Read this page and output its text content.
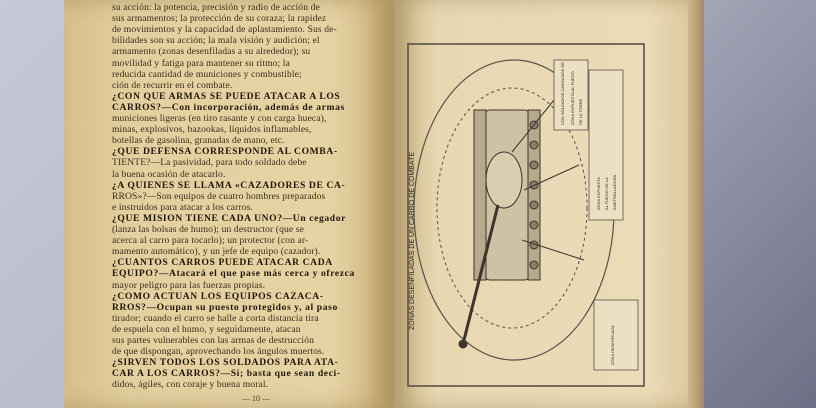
su acción: la potencia, precisión y radio de acción de
sus armamentos; la protección de su coraza; la rapidez
de movimientos y la capacidad de aplastamiento. Sus de-
bilidades son su acción; la mala visión y audición; el
armamento (zonas desenfiladas a su alrededor); su
movilidad y fatiga para mantener su ritmo; la
reducida cantidad de municiones y combustible;
ción de recurrir en el combate.
¿CON QUE ARMAS SE PUEDE ATACAR A LOS
CARROS?—Con incorporación, además de armas
municiones ligeras (en tiro rasante y con carga hueca),
minas, explosivos, bazookas, líquidos inflamables,
botellas de gasolina, granadas de mano, etc.
¿QUE DEFENSA CORRESPONDE AL COMBA-
TIENTE?—La pasividad, para todo soldado debe
la buena ocasión de atacarlo.
¿A QUIENES SE LLAMA «CAZADORES DE CA-
RROS»?—Son equipos de cuatro hombres preparados
e instruidos para atacar a los carros.
¿QUE MISION TIENE CADA UNO?—Un cegador
(lanza las bolsas de humo); un destructor (que se
acerca al carro para tocarlo); un protector (con ar-
mamento automático), y un jefe de equipo (cazador).
¿CUANTOS CARROS PUEDE ATACAR CADA
EQUIPO?—Atacará el que pase más cerca y ofrezca
mayor peligro para las fuerzas propias.
¿COMO ACTUAN LOS EQUIPOS CAZACA-
RROS?—Ocupan su puesto protegidos y, al paso
tirador; cuando el carro se halle a corta distancia tira
de espuela con el humo, y seguidamente, atacan
sus partes vulnerables con las armas de destrucción
de que dispongan, aprovechando los ángulos muertos.
¿SIRVEN TODOS LOS SOLDADOS PARA ATA-
CAR A LOS CARROS?—Sí; basta que sean deci-
didos, ágiles, con coraje y buena moral.
— 10 —
ZONAS DESENFILADAS DE UN CARRO DE COMBATE
CON SOLDADOS CARGADOS DE ZONA EXPUESTA AL FUEGO DE LA TORRE
ZONA EXPUESTA AL FUEGO DE LA AMETRALLADORA
ZONA DESENFILADA
